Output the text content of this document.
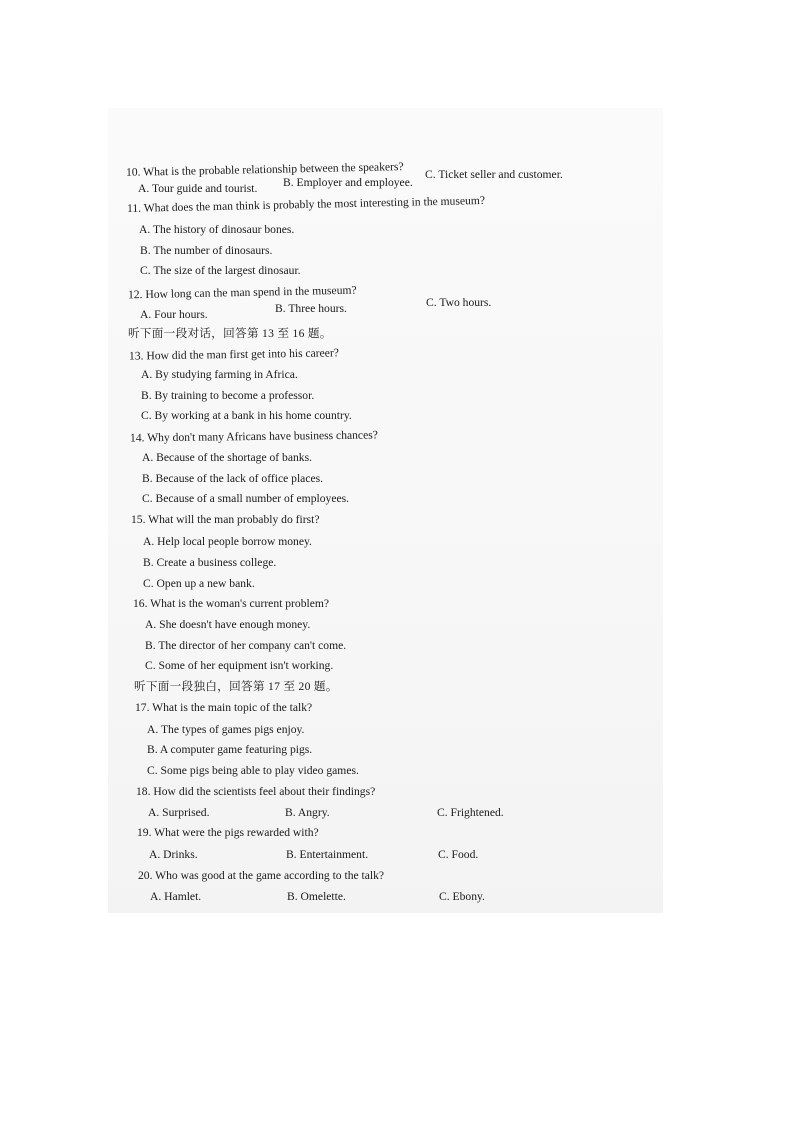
10. What is the probable relationship between the speakers?
A. Tour guide and tourist. B. Employer and employee.
C. Ticket seller and customer.
11. What does the man think is probably the most interesting in the museum?
A. The history of dinosaur bones.
B. The number of dinosaurs.
C. The size of the largest dinosaur.
12. How long can the man spend in the museum?
A. Four hours.	B. Three hours.	C. Two hours.
听下面一段对话，回答第 13 至 16 题。
13. How did the man first get into his career?
A. By studying farming in Africa.
B. By training to become a professor.
C. By working at a bank in his home country.
14. Why don't many Africans have business chances?
A. Because of the shortage of banks.
B. Because of the lack of office places.
C. Because of a small number of employees.
15. What will the man probably do first?
A. Help local people borrow money.
B. Create a business college.
C. Open up a new bank.
16. What is the woman's current problem?
A. She doesn't have enough money.
B. The director of her company can't come.
C. Some of her equipment isn't working.
听下面一段独白，回答第 17 至 20 题。
17. What is the main topic of the talk?
A. The types of games pigs enjoy.
B. A computer game featuring pigs.
C. Some pigs being able to play video games.
18. How did the scientists feel about their findings?
A. Surprised.	B. Angry.	C. Frightened.
19. What were the pigs rewarded with?
A. Drinks.	B. Entertainment.	C. Food.
20. Who was good at the game according to the talk?
A. Hamlet.	B. Omelette.	C. Ebony.
